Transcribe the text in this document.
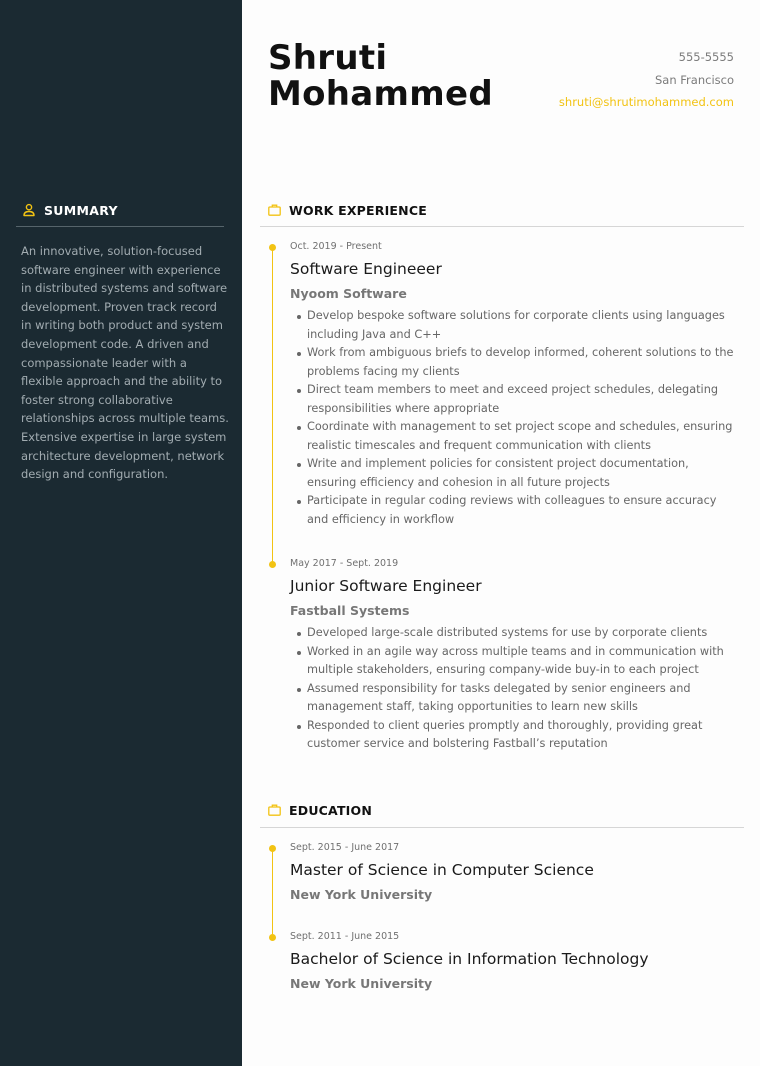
SUMMARY

An innovative, solution-focused software engineer with experience in distributed systems and software development. Proven track record in writing both product and system development code. A driven and compassionate leader with a flexible approach and the ability to foster strong collaborative relationships across multiple teams. Extensive expertise in large system architecture development, network design and configuration.

Shruti
Mohammed
555-5555
San Francisco
shruti@shrutimohammed.com
WORK EXPERIENCE
Oct. 2019 - Present
Software Engineeer
Nyoom Software
Develop bespoke software solutions for corporate clients using languages including Java and C++
Work from ambiguous briefs to develop informed, coherent solutions to the problems facing my clients
Direct team members to meet and exceed project schedules, delegating responsibilities where appropriate
Coordinate with management to set project scope and schedules, ensuring realistic timescales and frequent communication with clients
Write and implement policies for consistent project documentation, ensuring efficiency and cohesion in all future projects
Participate in regular coding reviews with colleagues to ensure accuracy and efficiency in workflow
May 2017 - Sept. 2019
Junior Software Engineer
Fastball Systems
Developed large-scale distributed systems for use by corporate clients
Worked in an agile way across multiple teams and in communication with multiple stakeholders, ensuring company-wide buy-in to each project
Assumed responsibility for tasks delegated by senior engineers and management staff, taking opportunities to learn new skills
Responded to client queries promptly and thoroughly, providing great customer service and bolstering Fastball’s reputation
EDUCATION
Sept. 2015 - June 2017
Master of Science in Computer Science
New York University
Sept. 2011 - June 2015
Bachelor of Science in Information Technology
New York University
